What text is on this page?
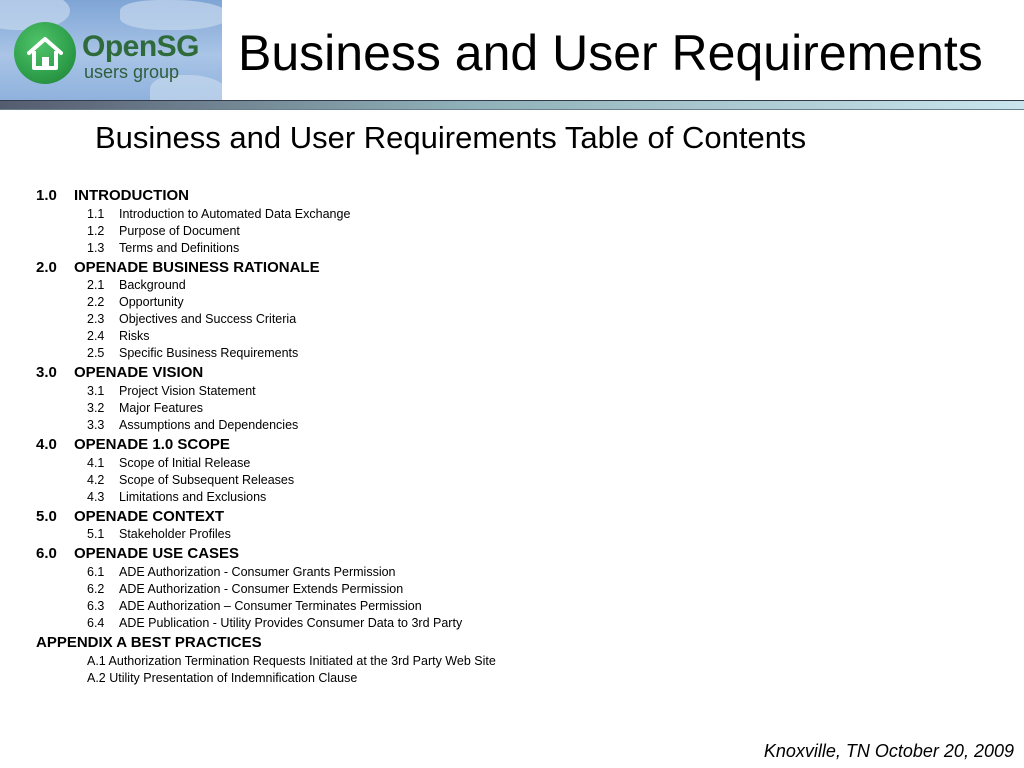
OpenSG
users group Business and User Requirements
Business and User Requirements Table of Contents
1.0 INTRODUCTION
1.1 Introduction to Automated Data Exchange
1.2 Purpose of Document
1.3 Terms and Definitions
2.0 OPENADE BUSINESS RATIONALE
2.1 Background
2.2 Opportunity
2.3 Objectives and Success Criteria
2.4 Risks
2.5 Specific Business Requirements
3.0 OPENADE VISION
3.1 Project Vision Statement
3.2 Major Features
3.3 Assumptions and Dependencies
4.0 OPENADE 1.0 SCOPE
4.1 Scope of Initial Release
4.2 Scope of Subsequent Releases
4.3 Limitations and Exclusions
5.0 OPENADE CONTEXT
5.1 Stakeholder Profiles
6.0 OPENADE USE CASES
6.1 ADE Authorization - Consumer Grants Permission
6.2 ADE Authorization - Consumer Extends Permission
6.3 ADE Authorization – Consumer Terminates Permission
6.4 ADE Publication - Utility Provides Consumer Data to 3rd Party
APPENDIX A BEST PRACTICES
A.1 Authorization Termination Requests Initiated at the 3rd Party Web Site
A.2 Utility Presentation of Indemnification Clause
Knoxville, TN October 20, 2009
